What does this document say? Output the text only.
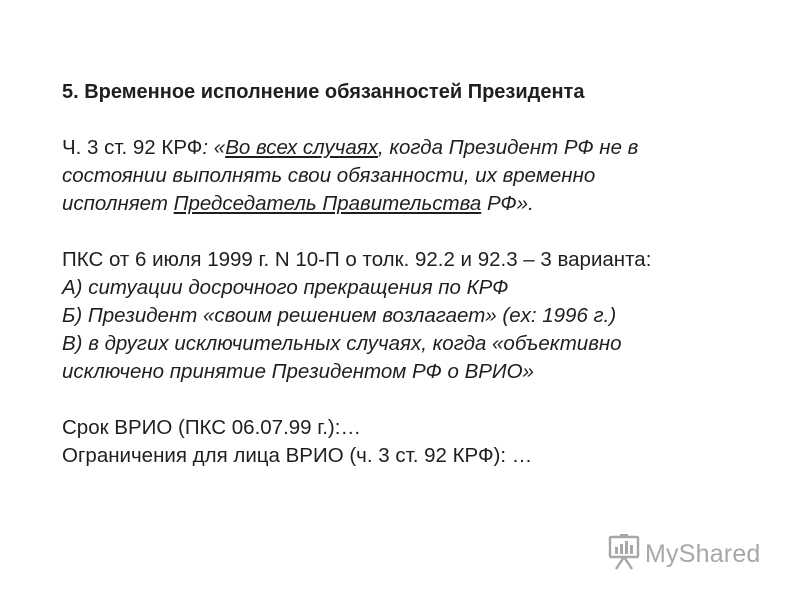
5. Временное исполнение обязанностей Президента

Ч. 3 ст. 92 КРФ: «Во всех случаях, когда Президент РФ не в

состоянии выполнять свои обязанности, их временно

исполняет Председатель Правительства РФ».

ПКС от 6 июля 1999 г. N 10-П о толк. 92.2 и 92.3 – 3 варианта:

А) ситуации досрочного прекращения по КРФ

Б) Президент «своим решением возлагает» (ex: 1996 г.)

В) в других исключительных случаях, когда «объективно

исключено принятие Президентом РФ о ВРИО»

Срок ВРИО (ПКС 06.07.99 г.):…

Ограничения для лица ВРИО (ч. 3 ст. 92 КРФ): …

MyShared
